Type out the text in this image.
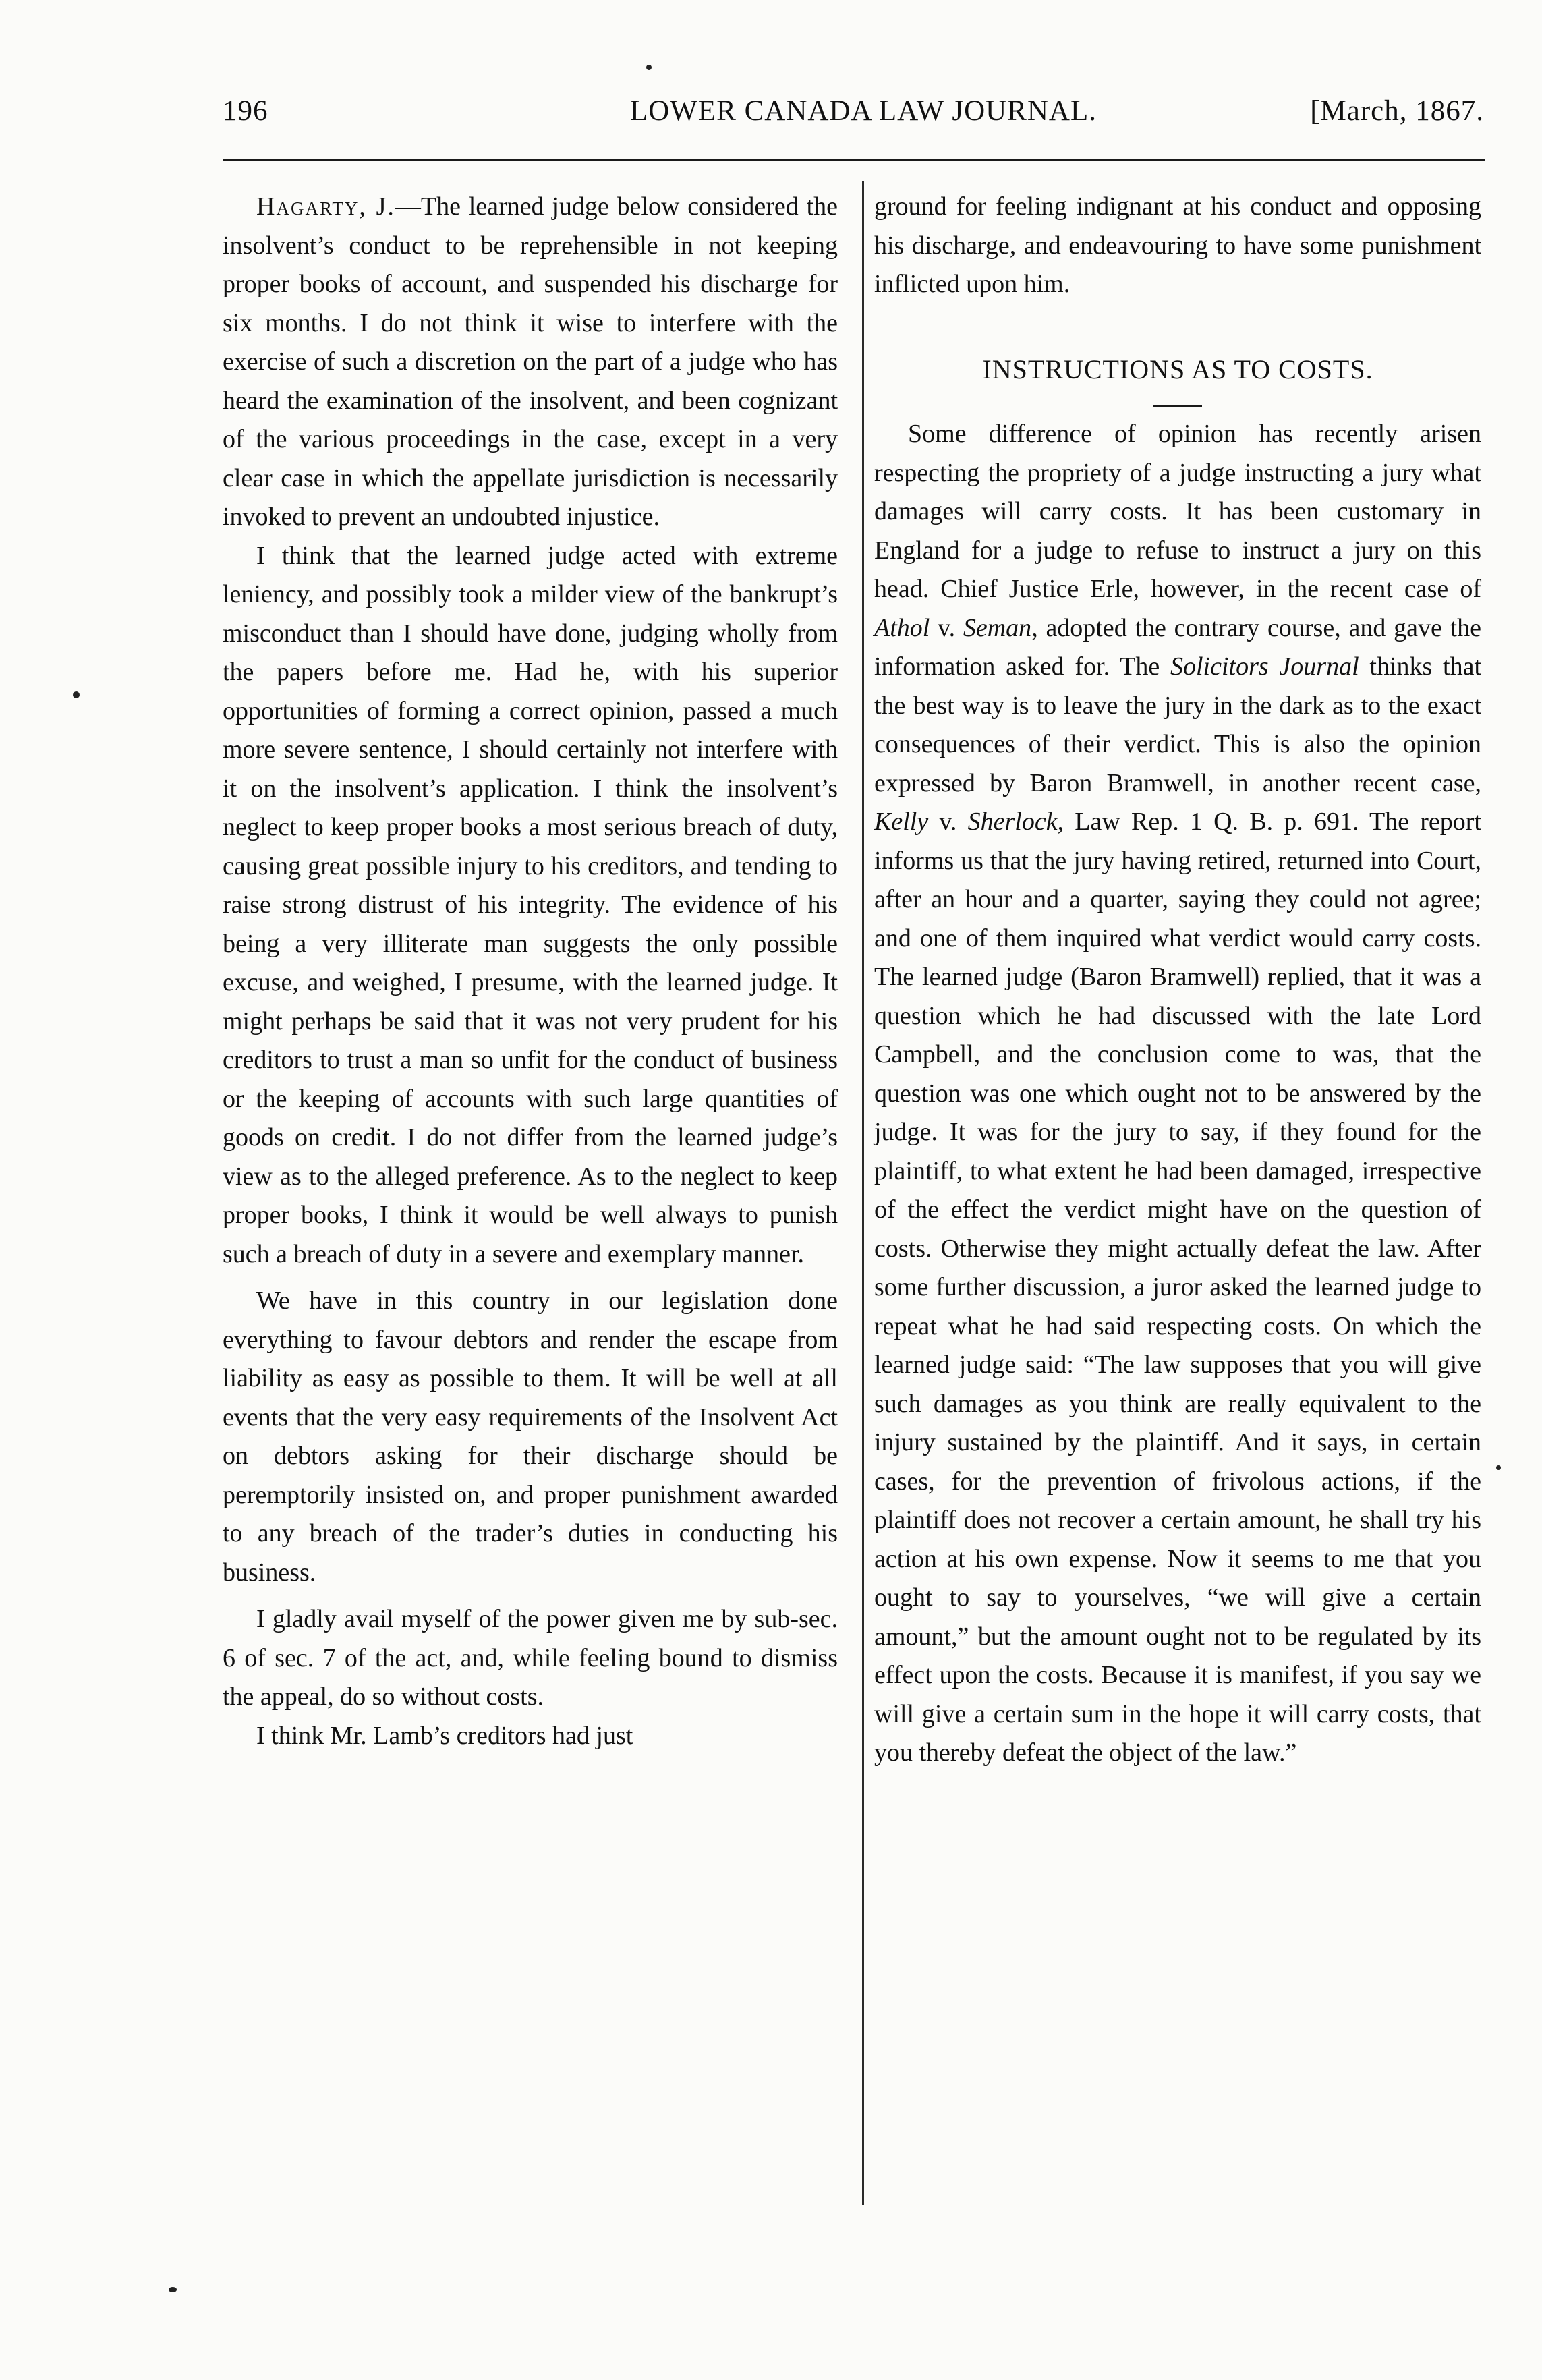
196	LOWER CANADA LAW JOURNAL.	[March, 1867.

Hagarty, J.—The learned judge below considered the insolvent’s conduct to be reprehensible in not keeping proper books of account, and suspended his discharge for six months. I do not think it wise to interfere with the exercise of such a discretion on the part of a judge who has heard the examination of the insolvent, and been cognizant of the various proceedings in the case, except in a very clear case in which the appellate jurisdiction is necessarily invoked to prevent an undoubted injustice.

I think that the learned judge acted with extreme leniency, and possibly took a milder view of the bankrupt’s misconduct than I should have done, judging wholly from the papers before me. Had he, with his superior opportunities of forming a correct opinion, passed a much more severe sentence, I should certainly not interfere with it on the insolvent’s application. I think the insolvent’s neglect to keep proper books a most serious breach of duty, causing great possible injury to his creditors, and tending to raise strong distrust of his integrity. The evidence of his being a very illiterate man suggests the only possible excuse, and weighed, I presume, with the learned judge. It might perhaps be said that it was not very prudent for his creditors to trust a man so unfit for the conduct of business or the keeping of accounts with such large quantities of goods on credit. I do not differ from the learned judge’s view as to the alleged preference. As to the neglect to keep proper books, I think it would be well always to punish such a breach of duty in a severe and exemplary manner.

We have in this country in our legislation done everything to favour debtors and render the escape from liability as easy as possible to them. It will be well at all events that the very easy requirements of the Insolvent Act on debtors asking for their discharge should be peremptorily insisted on, and proper punishment awarded to any breach of the trader’s duties in conducting his business.

I gladly avail myself of the power given me by sub-sec. 6 of sec. 7 of the act, and, while feeling bound to dismiss the appeal, do so without costs.

I think Mr. Lamb’s creditors had just

ground for feeling indignant at his conduct and opposing his discharge, and endeavouring to have some punishment inflicted upon him.

INSTRUCTIONS AS TO COSTS.

Some difference of opinion has recently arisen respecting the propriety of a judge instructing a jury what damages will carry costs. It has been customary in England for a judge to refuse to instruct a jury on this head. Chief Justice Erle, however, in the recent case of Athol v. Seman, adopted the contrary course, and gave the information asked for. The Solicitors Journal thinks that the best way is to leave the jury in the dark as to the exact consequences of their verdict. This is also the opinion expressed by Baron Bramwell, in another recent case, Kelly v. Sherlock, Law Rep. 1 Q. B. p. 691. The report informs us that the jury having retired, returned into Court, after an hour and a quarter, saying they could not agree; and one of them inquired what verdict would carry costs. The learned judge (Baron Bramwell) replied, that it was a question which he had discussed with the late Lord Campbell, and the conclusion come to was, that the question was one which ought not to be answered by the judge. It was for the jury to say, if they found for the plaintiff, to what extent he had been damaged, irrespective of the effect the verdict might have on the question of costs. Otherwise they might actually defeat the law. After some further discussion, a juror asked the learned judge to repeat what he had said respecting costs. On which the learned judge said: “The law supposes that you will give such damages as you think are really equivalent to the injury sustained by the plaintiff. And it says, in certain cases, for the prevention of frivolous actions, if the plaintiff does not recover a certain amount, he shall try his action at his own expense. Now it seems to me that you ought to say to yourselves, “we will give a certain amount,” but the amount ought not to be regulated by its effect upon the costs. Because it is manifest, if you say we will give a certain sum in the hope it will carry costs, that you thereby defeat the object of the law.”
